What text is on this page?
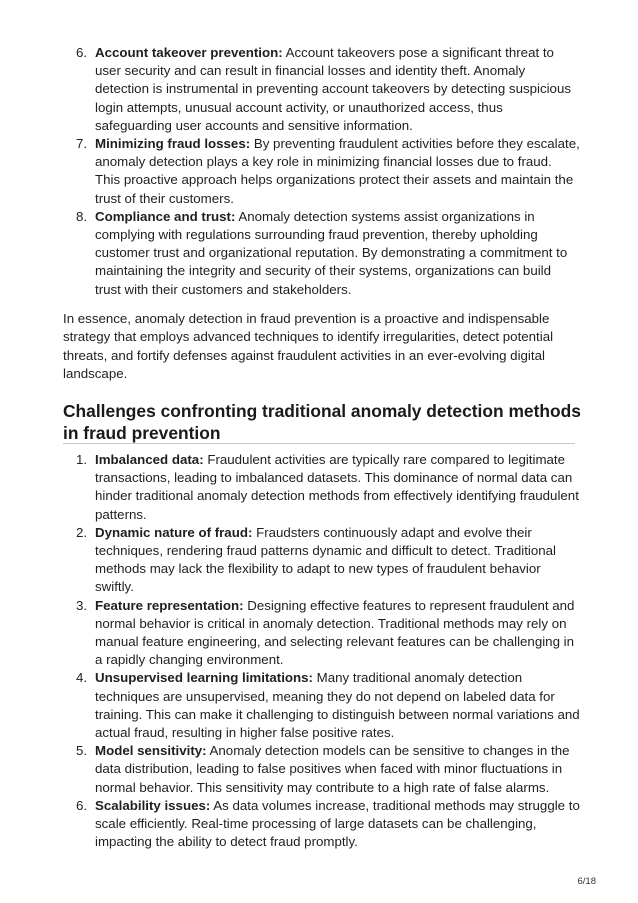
6. Account takeover prevention: Account takeovers pose a significant threat to user security and can result in financial losses and identity theft. Anomaly detection is instrumental in preventing account takeovers by detecting suspicious login attempts, unusual account activity, or unauthorized access, thus safeguarding user accounts and sensitive information.
7. Minimizing fraud losses: By preventing fraudulent activities before they escalate, anomaly detection plays a key role in minimizing financial losses due to fraud. This proactive approach helps organizations protect their assets and maintain the trust of their customers.
8. Compliance and trust: Anomaly detection systems assist organizations in complying with regulations surrounding fraud prevention, thereby upholding customer trust and organizational reputation. By demonstrating a commitment to maintaining the integrity and security of their systems, organizations can build trust with their customers and stakeholders.

In essence, anomaly detection in fraud prevention is a proactive and indispensable strategy that employs advanced techniques to identify irregularities, detect potential threats, and fortify defenses against fraudulent activities in an ever-evolving digital landscape.

Challenges confronting traditional anomaly detection methods in fraud prevention
1. Imbalanced data: Fraudulent activities are typically rare compared to legitimate transactions, leading to imbalanced datasets. This dominance of normal data can hinder traditional anomaly detection methods from effectively identifying fraudulent patterns.
2. Dynamic nature of fraud: Fraudsters continuously adapt and evolve their techniques, rendering fraud patterns dynamic and difficult to detect. Traditional methods may lack the flexibility to adapt to new types of fraudulent behavior swiftly.
3. Feature representation: Designing effective features to represent fraudulent and normal behavior is critical in anomaly detection. Traditional methods may rely on manual feature engineering, and selecting relevant features can be challenging in a rapidly changing environment.
4. Unsupervised learning limitations: Many traditional anomaly detection techniques are unsupervised, meaning they do not depend on labeled data for training. This can make it challenging to distinguish between normal variations and actual fraud, resulting in higher false positive rates.
5. Model sensitivity: Anomaly detection models can be sensitive to changes in the data distribution, leading to false positives when faced with minor fluctuations in normal behavior. This sensitivity may contribute to a high rate of false alarms.
6. Scalability issues: As data volumes increase, traditional methods may struggle to scale efficiently. Real-time processing of large datasets can be challenging, impacting the ability to detect fraud promptly.
6/18
